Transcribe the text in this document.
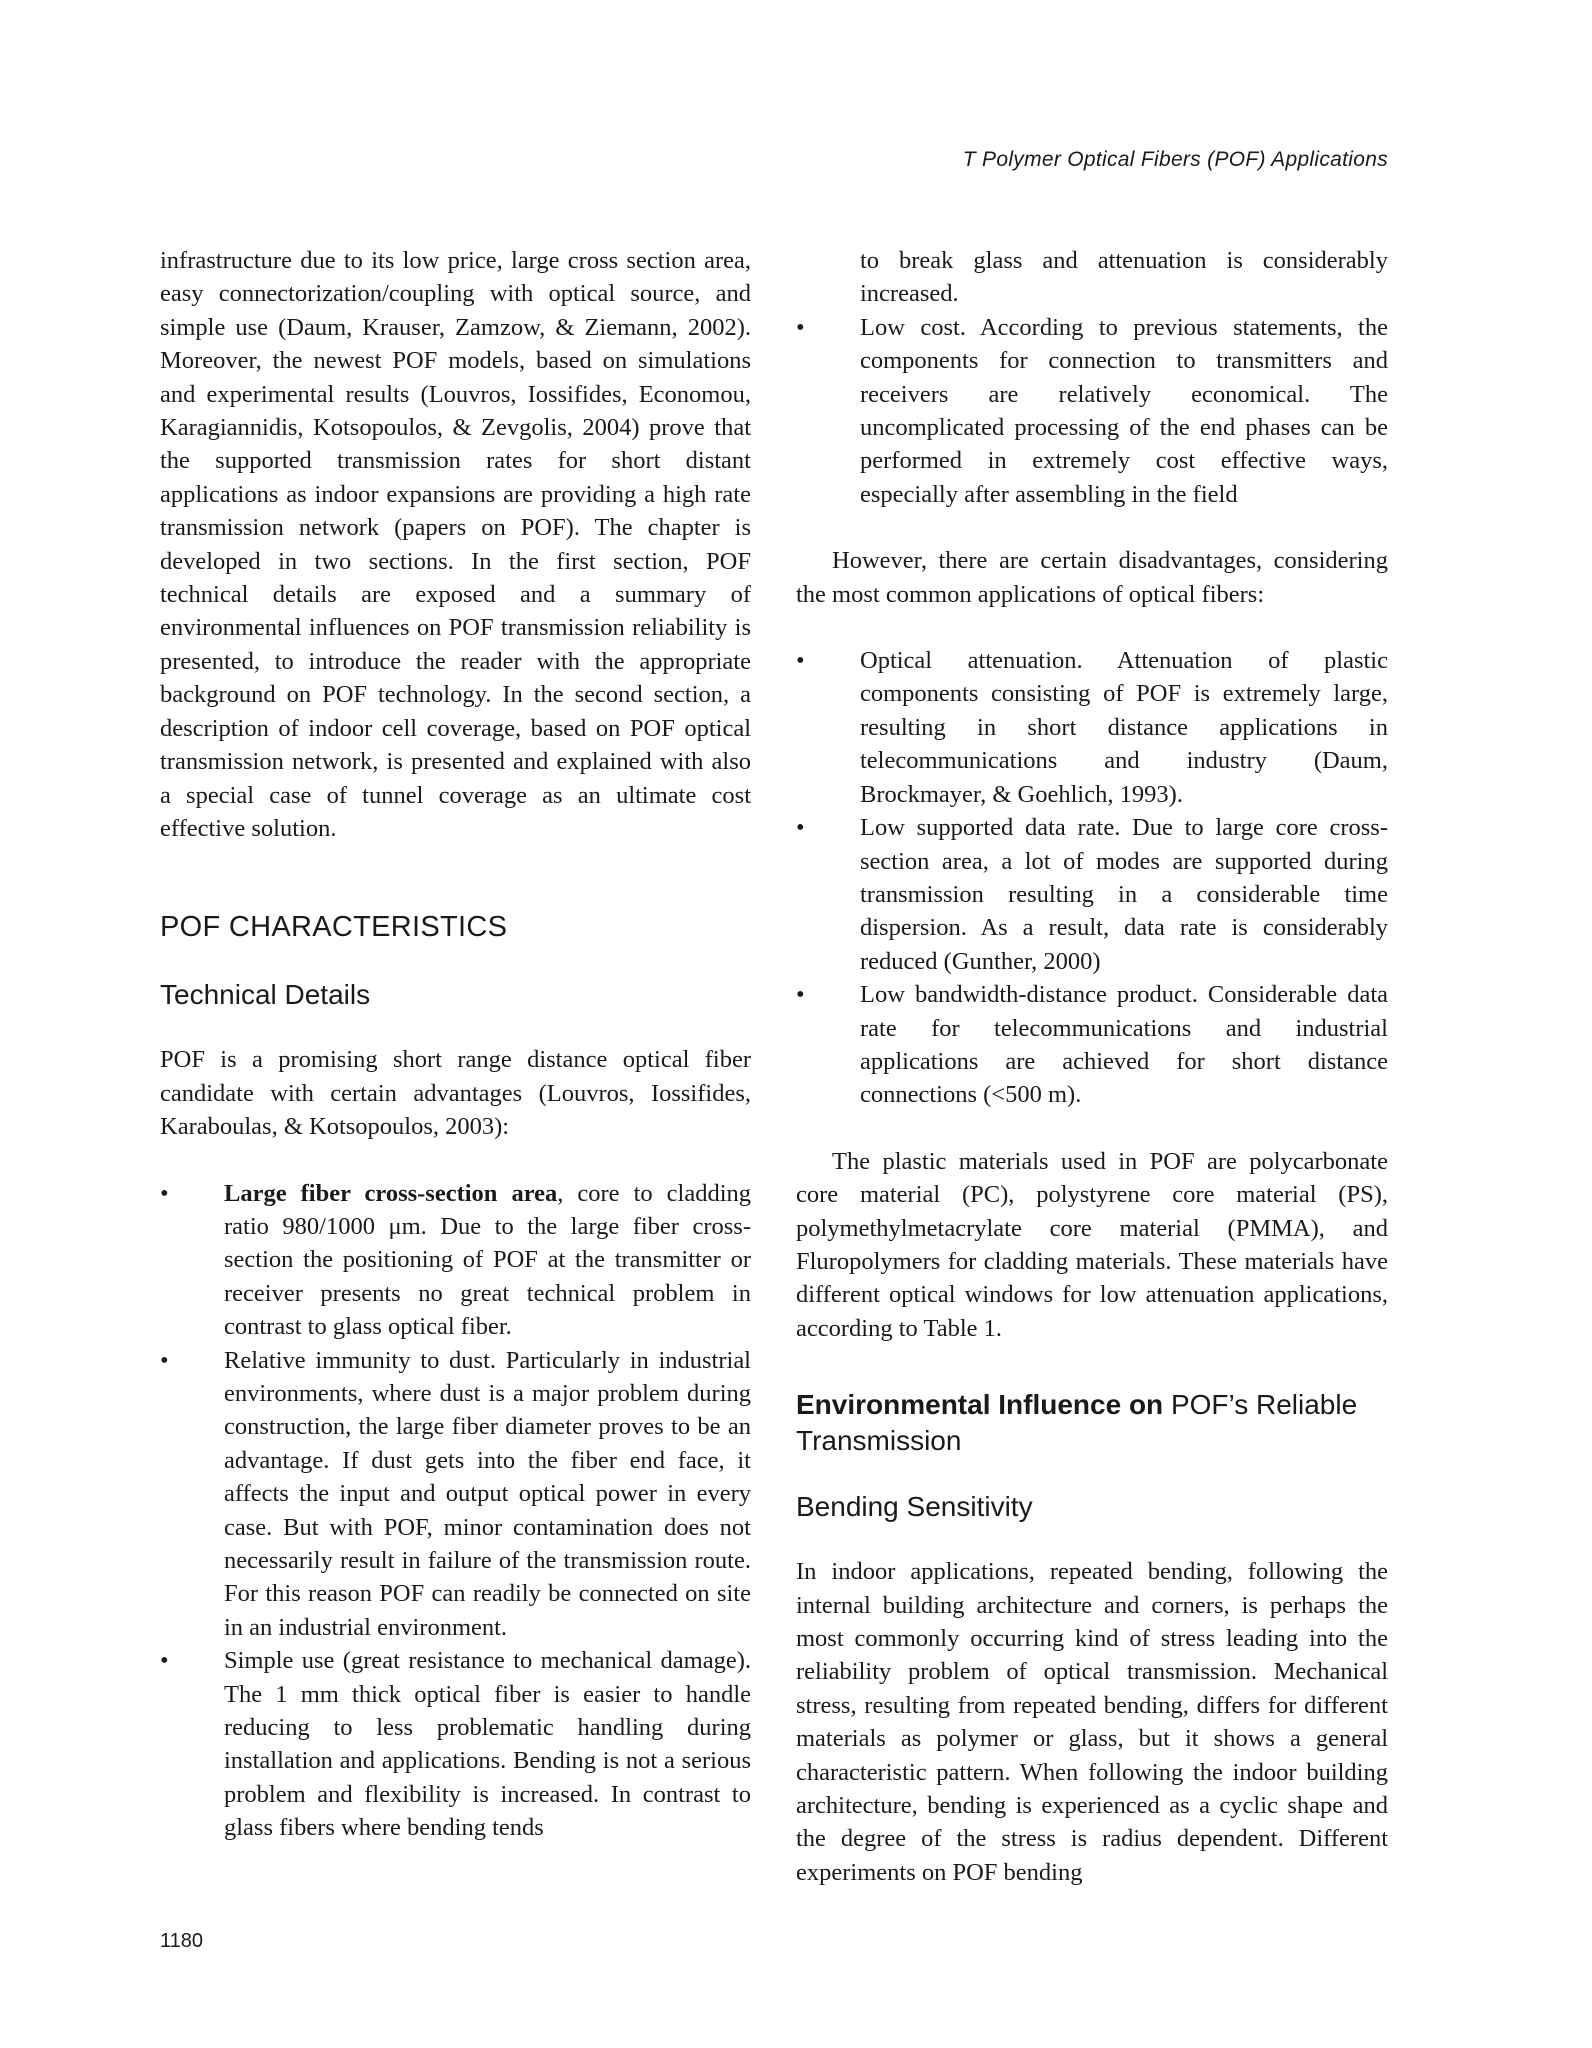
T Polymer Optical Fibers (POF) Applications

infrastructure due to its low price, large cross section area, easy connectorization/coupling with optical source, and simple use (Daum, Krauser, Zamzow, & Ziemann, 2002). Moreover, the newest POF models, based on simulations and experimental results (Louvros, Iossifides, Economou, Karagiannidis, Kotsopoulos, & Zevgolis, 2004) prove that the supported transmission rates for short distant applications as indoor expansions are providing a high rate transmission network (papers on POF). The chapter is developed in two sections. In the first section, POF technical details are exposed and a summary of environmental influences on POF transmission reliability is presented, to introduce the reader with the appropriate background on POF technology. In the second section, a description of indoor cell coverage, based on POF optical transmission network, is presented and explained with also a special case of tunnel coverage as an ultimate cost effective solution.

POF CHARACTERISTICS
Technical Details

POF is a promising short range distance optical fiber candidate with certain advantages (Louvros, Iossifides, Karaboulas, & Kotsopoulos, 2003):

• Large fiber cross-section area, core to cladding ratio 980/1000 μm. Due to the large fiber cross-section the positioning of POF at the transmitter or receiver presents no great technical problem in contrast to glass optical fiber.
• Relative immunity to dust. Particularly in industrial environments, where dust is a major problem during construction, the large fiber diameter proves to be an advantage. If dust gets into the fiber end face, it affects the input and output optical power in every case. But with POF, minor contamination does not necessarily result in failure of the transmission route. For this reason POF can readily be connected on site in an industrial environment.
• Simple use (great resistance to mechanical damage). The 1 mm thick optical fiber is easier to handle reducing to less problematic handling during installation and applications. Bending is not a serious problem and flexibility is increased. In contrast to glass fibers where bending tends
to break glass and attenuation is considerably increased.
• Low cost. According to previous statements, the components for connection to transmitters and receivers are relatively economical. The uncomplicated processing of the end phases can be performed in extremely cost effective ways, especially after assembling in the field

However, there are certain disadvantages, considering the most common applications of optical fibers:

• Optical attenuation. Attenuation of plastic components consisting of POF is extremely large, resulting in short distance applications in telecommunications and industry (Daum, Brockmayer, & Goehlich, 1993).
• Low supported data rate. Due to large core cross-section area, a lot of modes are supported during transmission resulting in a considerable time dispersion. As a result, data rate is considerably reduced (Gunther, 2000)
• Low bandwidth-distance product. Considerable data rate for telecommunications and industrial applications are achieved for short distance connections (<500 m).

The plastic materials used in POF are polycarbonate core material (PC), polystyrene core material (PS), polymethylmetacrylate core material (PMMA), and Fluropolymers for cladding materials. These materials have different optical windows for low attenuation applications, according to Table 1.

Environmental Influence on POF’s Reliable Transmission
Bending Sensitivity

In indoor applications, repeated bending, following the internal building architecture and corners, is perhaps the most commonly occurring kind of stress leading into the reliability problem of optical transmission. Mechanical stress, resulting from repeated bending, differs for different materials as polymer or glass, but it shows a general characteristic pattern. When following the indoor building architecture, bending is experienced as a cyclic shape and the degree of the stress is radius dependent. Different experiments on POF bending

1180
